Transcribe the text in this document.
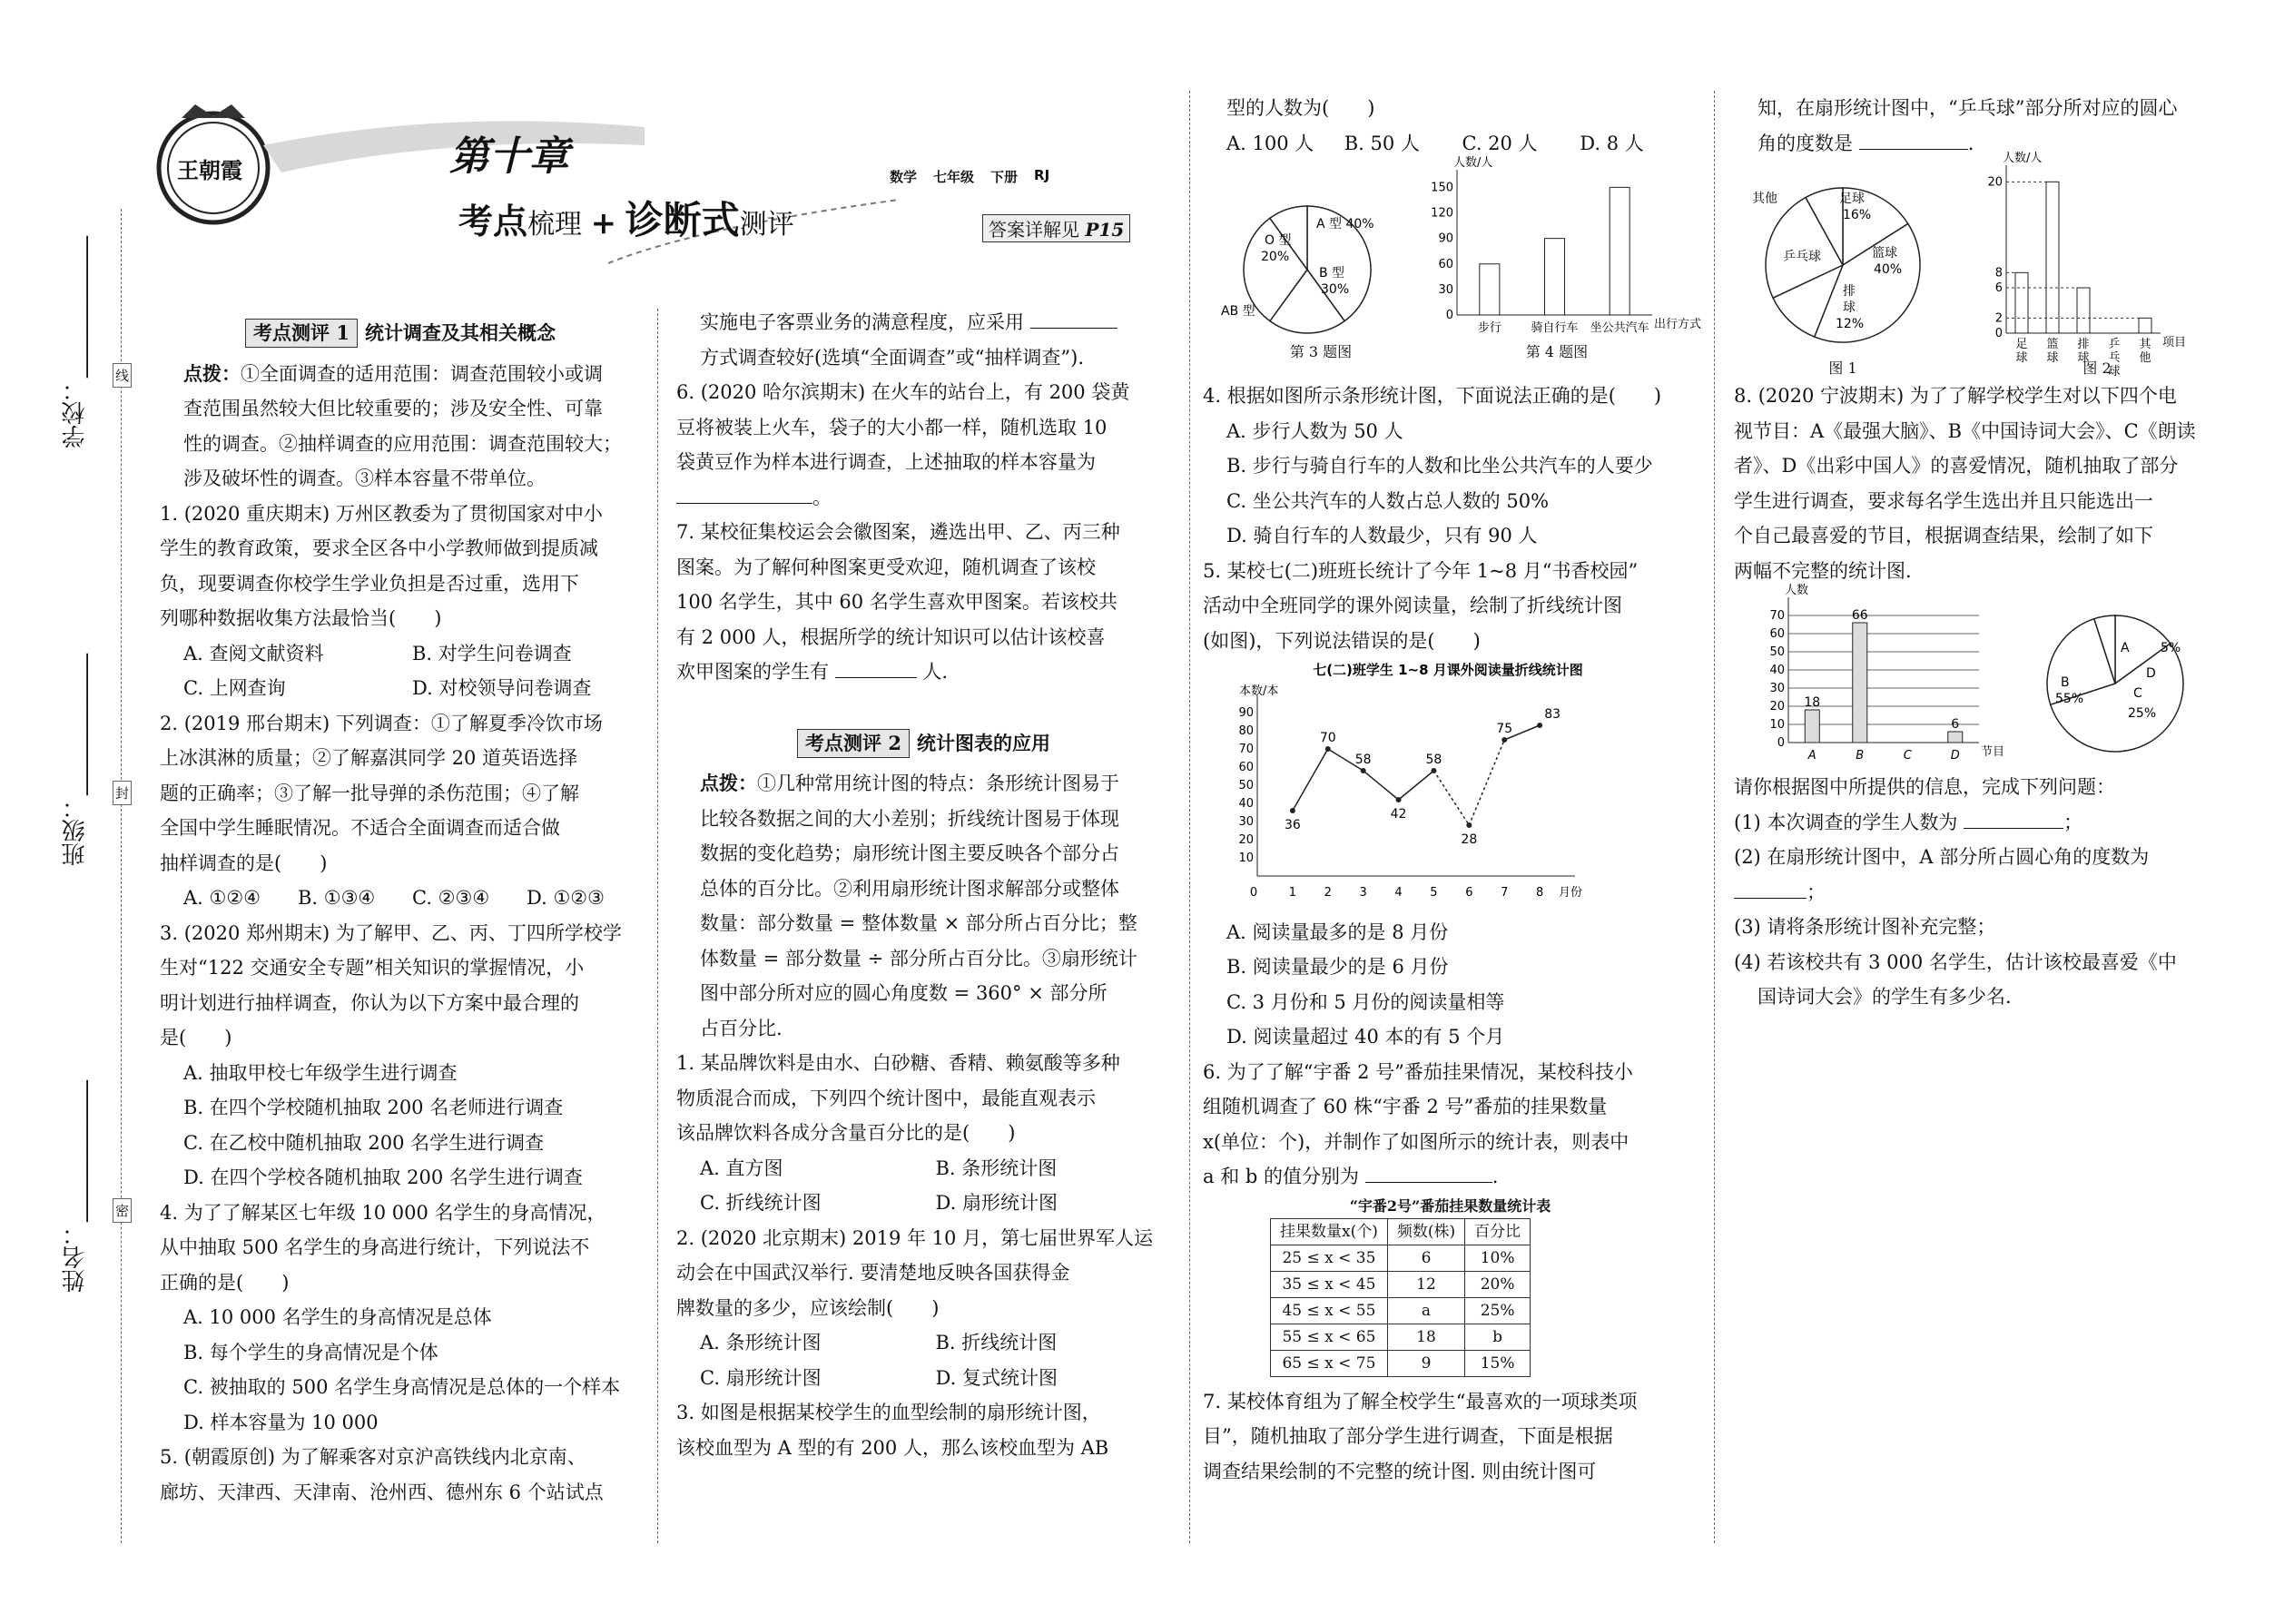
学校：____________
班级：____________
姓名：____________
线
封
密
王朝霞	第十章
考点梳理 + 诊断式测评
数学 七年级 下册 RJ
答案详解见 P15
考点测评 1 统计调查及其相关概念

点拨：①全面调查的适用范围：调查范围较小或调

查范围虽然较大但比较重要的；涉及安全性、可靠

性的调查。②抽样调查的应用范围：调查范围较大；

涉及破坏性的调查。③样本容量不带单位。

1. (2020 重庆期末) 万州区教委为了贯彻国家对中小

学生的教育政策，要求全区各中小学教师做到提质减

负，现要调查你校学生学业负担是否过重，选用下

列哪种数据收集方法最恰当(　　)

A. 查阅文献资料	B. 对学生问卷调查
C. 上网查询	D. 对校领导问卷调查

2. (2019 邢台期末) 下列调查：①了解夏季冷饮市场

上冰淇淋的质量；②了解嘉淇同学 20 道英语选择

题的正确率；③了解一批导弹的杀伤范围；④了解

全国中学生睡眠情况。不适合全面调查而适合做

抽样调查的是(　　)

A. ①②④	B. ①③④	C. ②③④	D. ①②③

3. (2020 郑州期末) 为了解甲、乙、丙、丁四所学校学

生对“122 交通安全专题”相关知识的掌握情况，小

明计划进行抽样调查，你认为以下方案中最合理的

是(　　)

A. 抽取甲校七年级学生进行调查

B. 在四个学校随机抽取 200 名老师进行调查

C. 在乙校中随机抽取 200 名学生进行调查

D. 在四个学校各随机抽取 200 名学生进行调查

4. 为了了解某区七年级 10 000 名学生的身高情况，

从中抽取 500 名学生的身高进行统计，下列说法不

正确的是(　　)

A. 10 000 名学生的身高情况是总体

B. 每个学生的身高情况是个体

C. 被抽取的 500 名学生身高情况是总体的一个样本

D. 样本容量为 10 000

5. (朝霞原创) 为了解乘客对京沪高铁线内北京南、

廊坊、天津西、天津南、沧州西、德州东 6 个站试点

实施电子客票业务的满意程度，应采用

方式调查较好(选填“全面调查”或“抽样调查”).

6. (2020 哈尔滨期末) 在火车的站台上，有 200 袋黄

豆将被装上火车，袋子的大小都一样，随机选取 10

袋黄豆作为样本进行调查，上述抽取的样本容量为

。

7. 某校征集校运会会徽图案，遴选出甲、乙、丙三种

图案。为了解何种图案更受欢迎，随机调查了该校

100 名学生，其中 60 名学生喜欢甲图案。若该校共

有 2 000 人，根据所学的统计知识可以估计该校喜

欢甲图案的学生有	人.

考点测评 2 统计图表的应用

点拨：①几种常用统计图的特点：条形统计图易于

比较各数据之间的大小差别；折线统计图易于体现

数据的变化趋势；扇形统计图主要反映各个部分占

总体的百分比。②利用扇形统计图求解部分或整体

数量：部分数量 = 整体数量 × 部分所占百分比；整

体数量 = 部分数量 ÷ 部分所占百分比。③扇形统计

图中部分所对应的圆心角度数 = 360° × 部分所

占百分比.

1. 某品牌饮料是由水、白砂糖、香精、赖氨酸等多种

物质混合而成，下列四个统计图中，最能直观表示

该品牌饮料各成分含量百分比的是(　　)

A. 直方图	B. 条形统计图
C. 折线统计图	D. 扇形统计图

2. (2020 北京期末) 2019 年 10 月，第七届世界军人运

动会在中国武汉举行. 要清楚地反映各国获得金

牌数量的多少，应该绘制(　　)

A. 条形统计图	B. 折线统计图
C. 扇形统计图	D. 复式统计图

3. 如图是根据某校学生的血型绘制的扇形统计图，

该校血型为 A 型的有 200 人，那么该校血型为 AB

型的人数为(　　)

A. 100 人	B. 50 人	C. 20 人	D. 8 人
A 型 40%
O 型
20%
B 型
30%
AB 型
第 3 题图
人数/人
出行方式
0
30
60
90
120
150
步行	骑自行车 坐公共汽车
第 4 题图

4. 根据如图所示条形统计图，下面说法正确的是(　　)

A. 步行人数为 50 人

B. 步行与骑自行车的人数和比坐公共汽车的人要少

C. 坐公共汽车的人数占总人数的 50%

D. 骑自行车的人数最少，只有 90 人

5. 某校七(二)班班长统计了今年 1~8 月“书香校园”

活动中全班同学的课外阅读量，绘制了折线统计图

(如图)，下列说法错误的是(　　)

七(二)班学生 1~8 月课外阅读量折线统计图
本数/本
月份
10
20
30
40
50
60
70
80
90
0	1 2 3 4 5 6 7 8
36
70
58
42
58
28
75
83

A. 阅读量最多的是 8 月份

B. 阅读量最少的是 6 月份

C. 3 月份和 5 月份的阅读量相等

D. 阅读量超过 40 本的有 5 个月

6. 为了了解“宇番 2 号”番茄挂果情况，某校科技小

组随机调查了 60 株“宇番 2 号”番茄的挂果数量

x(单位：个)，并制作了如图所示的统计表，则表中

a 和 b 的值分别为	.

“宇番2号”番茄挂果数量统计表
挂果数量x(个)	频数(株)	百分比
25 ≤ x < 35	6	10%
35 ≤ x < 45	12	20%
45 ≤ x < 55	a	25%
55 ≤ x < 65	18	b
65 ≤ x < 75	9	15%

7. 某校体育组为了解全校学生“最喜欢的一项球类项

目”，随机抽取了部分学生进行调查，下面是根据

调查结果绘制的不完整的统计图. 则由统计图可

知，在扇形统计图中，“乒乓球”部分所对应的圆心

角的度数是	.

其他	足球
16%
乒乓球	篮球
40%
排
球
12%
图 1
人数/人
项目
0
2
6
8
20
足
球
篮
球
排
球
乒
乓
球
其
他
图 2

8. (2020 宁波期末) 为了了解学校学生对以下四个电

视节目：A《最强大脑》、B《中国诗词大会》、C《朗读

者》、D《出彩中国人》的喜爱情况，随机抽取了部分

学生进行调查，要求每名学生选出并且只能选出一

个自己最喜爱的节目，根据调查结果，绘制了如下

两幅不完整的统计图.

人数
节目
0
10
20
30
40
50
60
70
18
A
66
B	C
6
D
A 5%
B
55%	C
25%
D

请你根据图中所提供的信息，完成下列问题：

(1) 本次调查的学生人数为	；

(2) 在扇形统计图中，A 部分所占圆心角的度数为

；

(3) 请将条形统计图补充完整；

(4) 若该校共有 3 000 名学生，估计该校最喜爱《中

国诗词大会》的学生有多少名.
